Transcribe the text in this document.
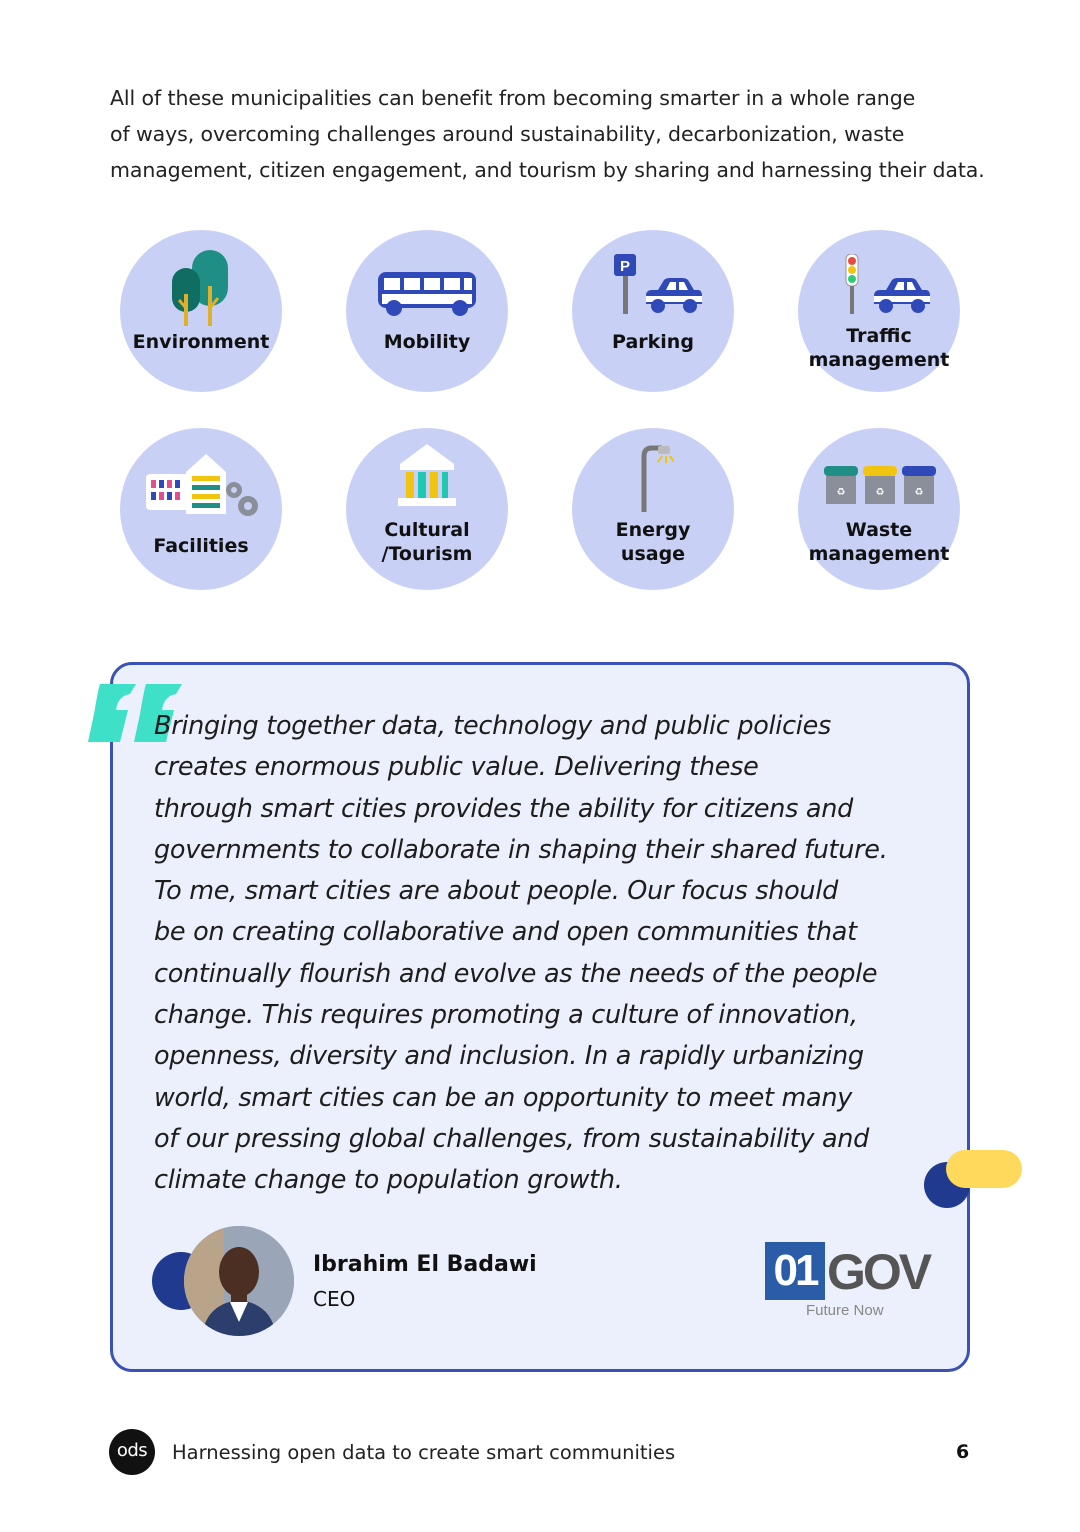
All of these municipalities can benefit from becoming smarter in a whole range
of ways, overcoming challenges around sustainability, decarbonization, waste
management, citizen engagement, and tourism by sharing and harnessing their data.
Environment	Mobility
P
Parking	Traffic
management
Facilities
Cultural
/Tourism
Energy
usage
♻	♻	♻
Waste
management
Bringing together data, technology and public policies
creates enormous public value. Delivering these
through smart cities provides the ability for citizens and
governments to collaborate in shaping their shared future.
To me, smart cities are about people. Our focus should
be on creating collaborative and open communities that
continually flourish and evolve as the needs of the people
change. This requires promoting a culture of innovation,
openness, diversity and inclusion. In a rapidly urbanizing
world, smart cities can be an opportunity to meet many
of our pressing global challenges, from sustainability and
climate change to population growth.
Ibrahim El Badawi
CEO
01 GOV
Future Now
ods	Harnessing open data to create smart communities	6
